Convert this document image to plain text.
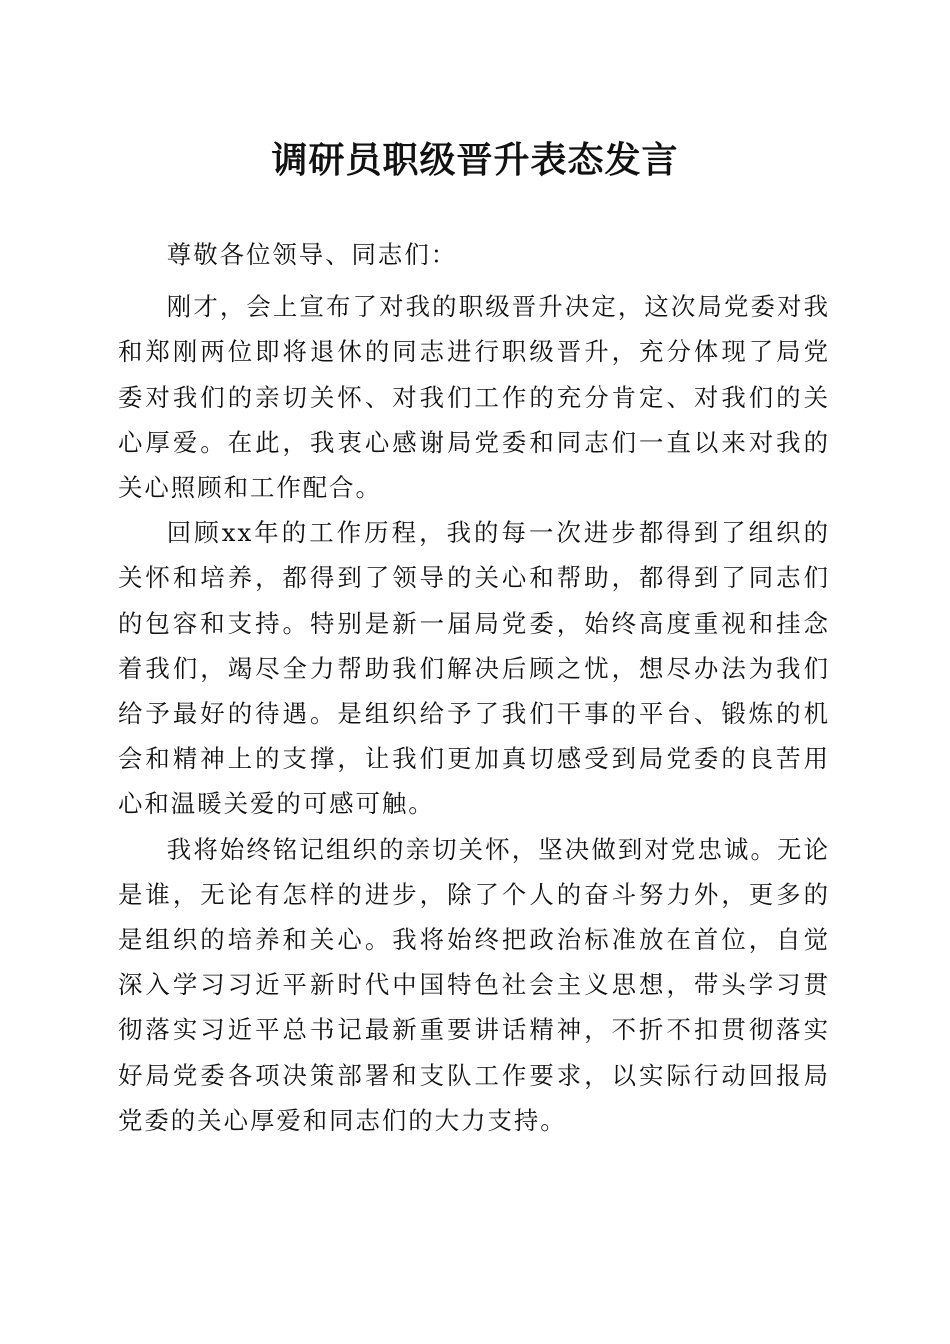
调研员职级晋升表态发言

尊敬各位领导、同志们：

刚才，会上宣布了对我的职级晋升决定，这次局党委对我和郑刚两位即将退休的同志进行职级晋升，充分体现了局党委对我们的亲切关怀、对我们工作的充分肯定、对我们的关心厚爱。在此，我衷心感谢局党委和同志们一直以来对我的关心照顾和工作配合。

回顾xx年的工作历程，我的每一次进步都得到了组织的关怀和培养，都得到了领导的关心和帮助，都得到了同志们的包容和支持。特别是新一届局党委，始终高度重视和挂念着我们，竭尽全力帮助我们解决后顾之忧，想尽办法为我们给予最好的待遇。是组织给予了我们干事的平台、锻炼的机会和精神上的支撑，让我们更加真切感受到局党委的良苦用心和温暖关爱的可感可触。

我将始终铭记组织的亲切关怀，坚决做到对党忠诚。无论是谁，无论有怎样的进步，除了个人的奋斗努力外，更多的是组织的培养和关心。我将始终把政治标准放在首位，自觉深入学习习近平新时代中国特色社会主义思想，带头学习贯彻落实习近平总书记最新重要讲话精神，不折不扣贯彻落实好局党委各项决策部署和支队工作要求，以实际行动回报局党委的关心厚爱和同志们的大力支持。
